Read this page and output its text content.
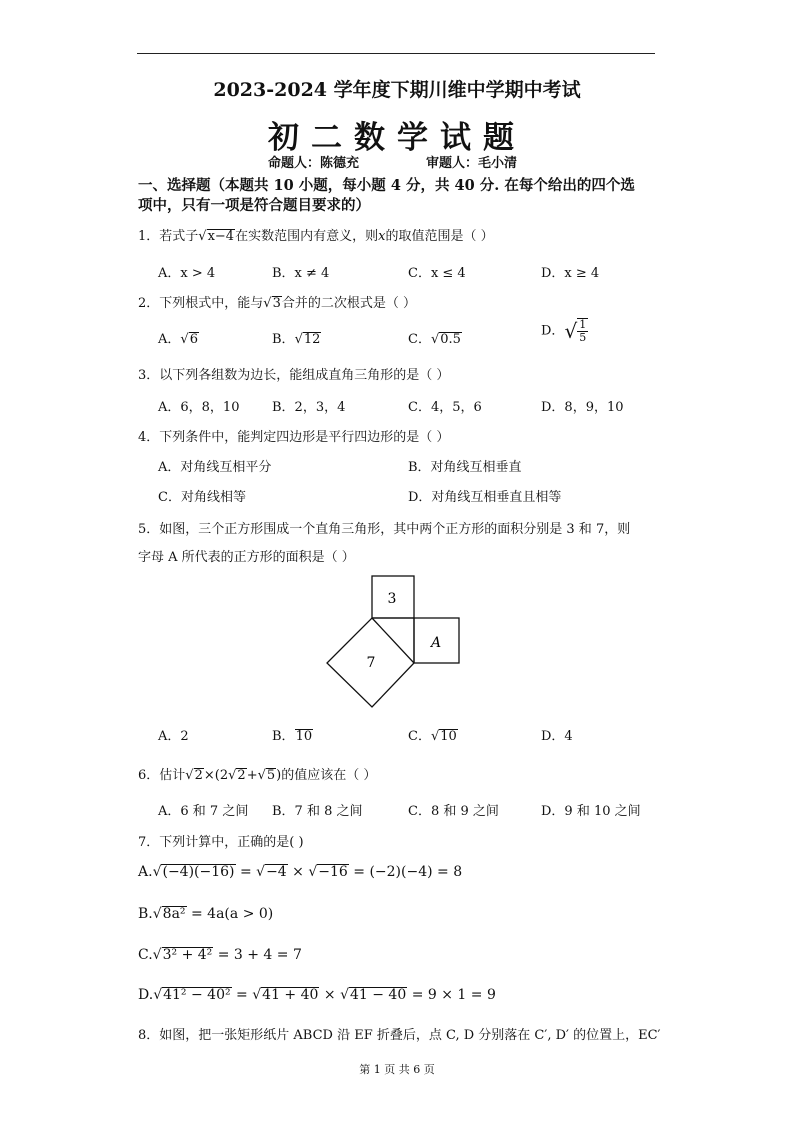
2023-2024 学年度下期川维中学期中考试
初二数学试题
命题人：陈德充	审题人：毛小清
一、选择题（本题共 10 小题，每小题 4 分，共 40 分. 在每个给出的四个选
项中，只有一项是符合题目要求的）
1．若式子√x−4在实数范围内有意义，则x的取值范围是（ ）
A．x > 4	B．x ≠ 4	C．x ≤ 4	D．x ≥ 4
2．下列根式中，能与√3合并的二次根式是（ ）
A．√6	B．√12	C．√0.5
D．√ $\frac{1}{5}$
3．以下列各组数为边长，能组成直角三角形的是（ ）
A．6，8，10	B．2，3，4	C．4，5，6	D．8，9，10
4．下列条件中，能判定四边形是平行四边形的是（ ）
A．对角线互相平分	B．对角线互相垂直
C．对角线相等	D．对角线互相垂直且相等
5．如图，三个正方形围成一个直角三角形，其中两个正方形的面积分别是 3 和 7，则
字母 A 所代表的正方形的面积是（ ）
3
A
7
A．2	B．10	C．√10	D．4
6．估计√2×(2√2+√5)的值应该在（ ）
A．6 和 7 之间 B．7 和 8 之间	C．8 和 9 之间	D．9 和 10 之间
7．下列计算中，正确的是( )
A.√(−4)(−16) = √−4 × √−16 = (−2)(−4) = 8
B.√8a² = 4a(a > 0)
C.√3² + 4² = 3 + 4 = 7
D.√41² − 40² = √41 + 40 × √41 − 40 = 9 × 1 = 9
8．如图，把一张矩形纸片 ABCD 沿 EF 折叠后，点 C, D 分别落在 C′, D′ 的位置上，EC′
第 1 页 共 6 页
